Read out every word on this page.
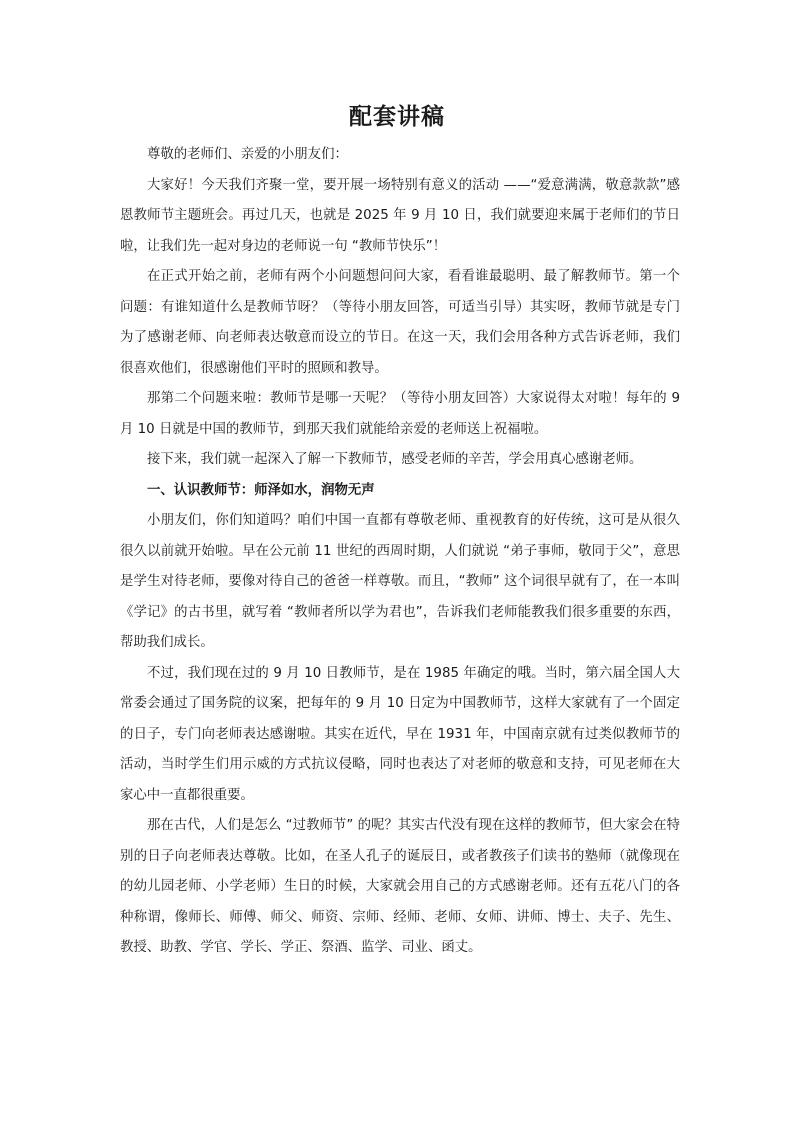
配套讲稿

尊敬的老师们、亲爱的小朋友们：

大家好！今天我们齐聚一堂，要开展一场特别有意义的活动 ——“爱意满满，敬意款款”感恩教师节主题班会。再过几天，也就是 2025 年 9 月 10 日，我们就要迎来属于老师们的节日啦，让我们先一起对身边的老师说一句 “教师节快乐”！

在正式开始之前，老师有两个小问题想问问大家，看看谁最聪明、最了解教师节。第一个问题：有谁知道什么是教师节呀？（等待小朋友回答，可适当引导）其实呀，教师节就是专门为了感谢老师、向老师表达敬意而设立的节日。在这一天，我们会用各种方式告诉老师，我们很喜欢他们，很感谢他们平时的照顾和教导。

那第二个问题来啦：教师节是哪一天呢？（等待小朋友回答）大家说得太对啦！每年的 9 月 10 日就是中国的教师节，到那天我们就能给亲爱的老师送上祝福啦。

接下来，我们就一起深入了解一下教师节，感受老师的辛苦，学会用真心感谢老师。

一、认识教师节：师泽如水，润物无声

小朋友们，你们知道吗？咱们中国一直都有尊敬老师、重视教育的好传统，这可是从很久很久以前就开始啦。早在公元前 11 世纪的西周时期，人们就说 “弟子事师，敬同于父”，意思是学生对待老师，要像对待自己的爸爸一样尊敬。而且，“教师” 这个词很早就有了，在一本叫《学记》的古书里，就写着 “教师者所以学为君也”，告诉我们老师能教我们很多重要的东西，帮助我们成长。

不过，我们现在过的 9 月 10 日教师节，是在 1985 年确定的哦。当时，第六届全国人大常委会通过了国务院的议案，把每年的 9 月 10 日定为中国教师节，这样大家就有了一个固定的日子，专门向老师表达感谢啦。其实在近代，早在 1931 年，中国南京就有过类似教师节的活动，当时学生们用示威的方式抗议侵略，同时也表达了对老师的敬意和支持，可见老师在大家心中一直都很重要。

那在古代，人们是怎么 “过教师节” 的呢？其实古代没有现在这样的教师节，但大家会在特别的日子向老师表达尊敬。比如，在圣人孔子的诞辰日，或者教孩子们读书的塾师（就像现在的幼儿园老师、小学老师）生日的时候，大家就会用自己的方式感谢老师。还有五花八门的各种称谓，像师长、师傅、师父、师资、宗师、经师、老师、女师、讲师、博士、夫子、先生、教授、助教、学官、学长、学正、祭酒、监学、司业、函丈。
